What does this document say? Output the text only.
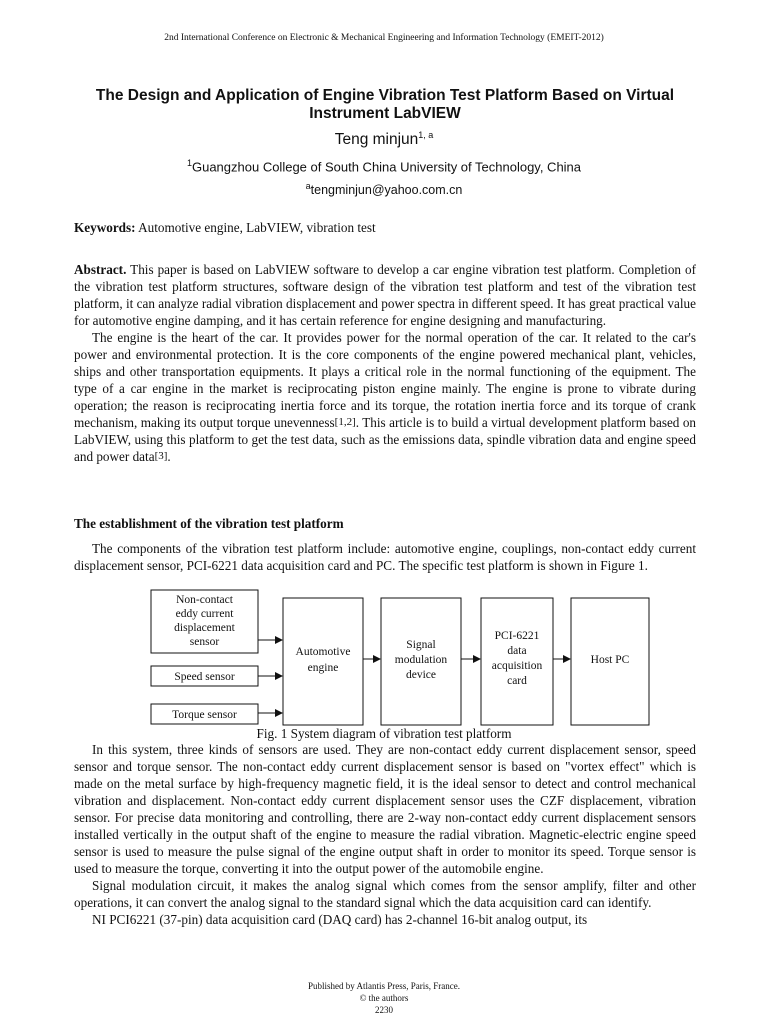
2nd International Conference on Electronic & Mechanical Engineering and Information Technology (EMEIT-2012)
The Design and Application of Engine Vibration Test Platform Based on Virtual Instrument LabVIEW
Teng minjun$^{1, a}$
$^1$Guangzhou College of South China University of Technology, China
$^a$tengminjun@yahoo.com.cn
Keywords: Automotive engine, LabVIEW, vibration test

Abstract. This paper is based on LabVIEW software to develop a car engine vibration test platform. Completion of the vibration test platform structures, software design of the vibration test platform and test of the vibration test platform, it can analyze radial vibration displacement and power spectra in different speed. It has great practical value for automotive engine damping, and it has certain reference for engine designing and manufacturing.

The engine is the heart of the car. It provides power for the normal operation of the car. It related to the car's power and environmental protection. It is the core components of the engine powered mechanical plant, vehicles, ships and other transportation equipments. It plays a critical role in the normal functioning of the equipment. The type of a car engine in the market is reciprocating piston engine mainly. The engine is prone to vibrate during operation; the reason is reciprocating inertia force and its torque, the rotation inertia force and its torque of crank mechanism, making its output torque unevenness[1,2]. This article is to build a virtual development platform based on LabVIEW, using this platform to get the test data, such as the emissions data, spindle vibration data and engine speed and power data[3].

The establishment of the vibration test platform

The components of the vibration test platform include: automotive engine, couplings, non-contact eddy current displacement sensor, PCI-6221 data acquisition card and PC. The specific test platform is shown in Figure 1.

Non-contact
eddy current
displacement
sensor
Speed sensor
Torque sensor
Automotive
engine
Signal
modulation
device
PCI-6221
data
acquisition
card
Host PC
Fig. 1 System diagram of vibration test platform

In this system, three kinds of sensors are used. They are non-contact eddy current displacement sensor, speed sensor and torque sensor. The non-contact eddy current displacement sensor is based on "vortex effect" which is made on the metal surface by high-frequency magnetic field, it is the ideal sensor to detect and control mechanical vibration and displacement. Non-contact eddy current displacement sensor uses the CZF displacement, vibration sensor. For precise data monitoring and controlling, there are 2-way non-contact eddy current displacement sensors installed vertically in the output shaft of the engine to measure the radial vibration. Magnetic-electric engine speed sensor is used to measure the pulse signal of the engine output shaft in order to monitor its speed. Torque sensor is used to measure the torque, converting it into the output power of the automobile engine.

Signal modulation circuit, it makes the analog signal which comes from the sensor amplify, filter and other operations, it can convert the analog signal to the standard signal which the data acquisition card can identify.

NI PCI6221 (37-pin) data acquisition card (DAQ card) has 2-channel 16-bit analog output, its

Published by Atlantis Press, Paris, France.
© the authors
2230
